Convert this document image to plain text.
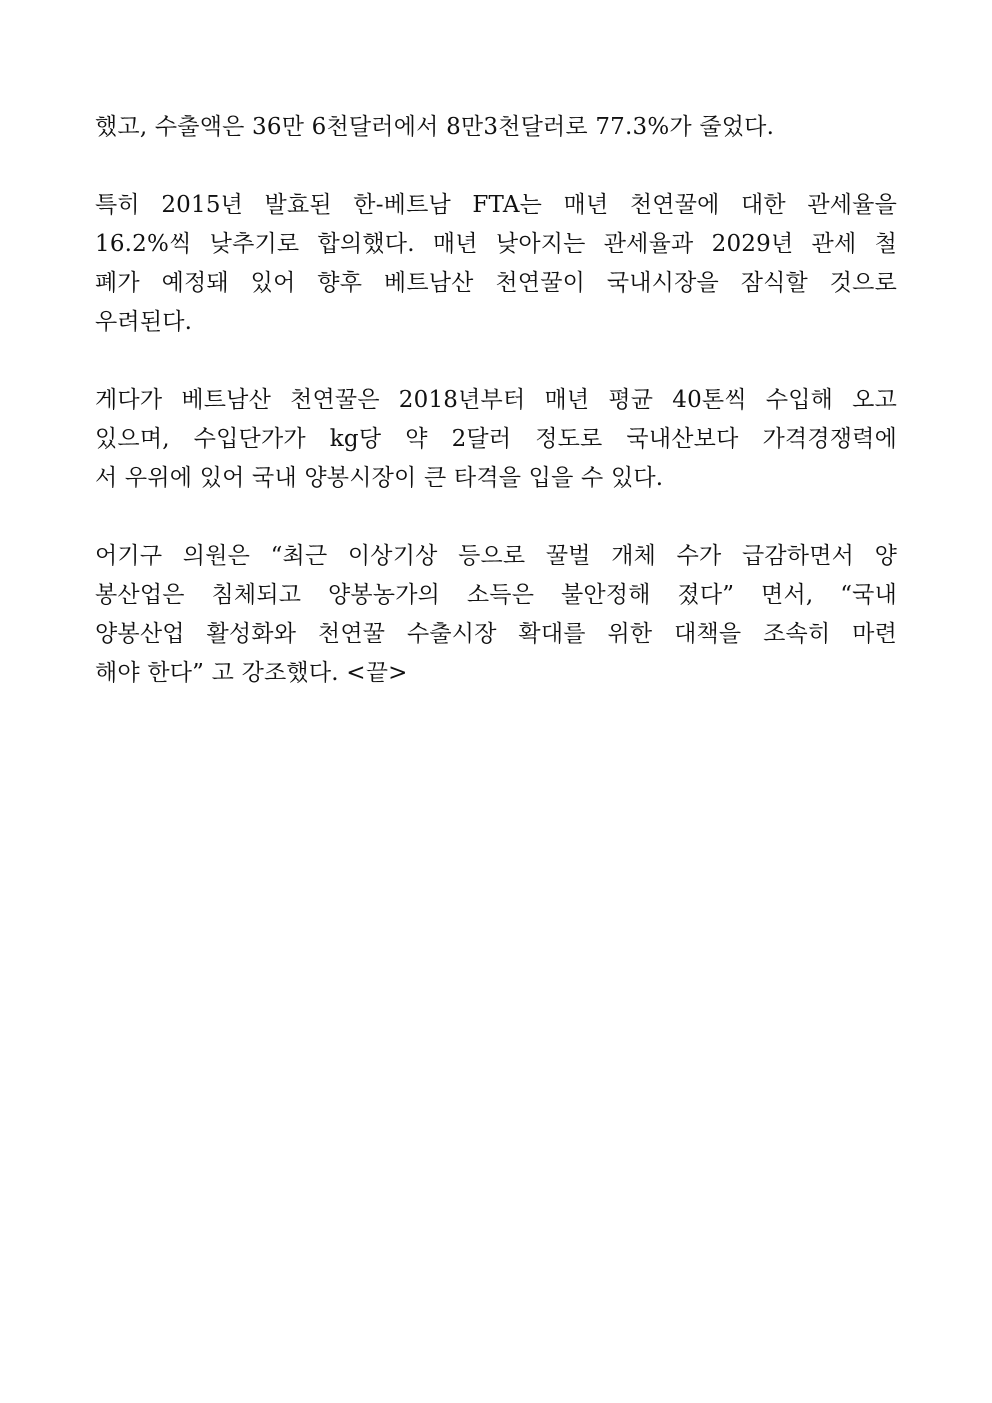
했고, 수출액은 36만 6천달러에서 8만3천달러로 77.3%가 줄었다.
특히 2015년 발효된 한-베트남 FTA는 매년 천연꿀에 대한 관세율을
16.2%씩 낮추기로 합의했다. 매년 낮아지는 관세율과 2029년 관세 철
폐가 예정돼 있어 향후 베트남산 천연꿀이 국내시장을 잠식할 것으로
우려된다.
게다가 베트남산 천연꿀은 2018년부터 매년 평균 40톤씩 수입해 오고
있으며, 수입단가가 kg당 약 2달러 정도로 국내산보다 가격경쟁력에
서 우위에 있어 국내 양봉시장이 큰 타격을 입을 수 있다.
어기구 의원은 “최근 이상기상 등으로 꿀벌 개체 수가 급감하면서 양
봉산업은 침체되고 양봉농가의 소득은 불안정해 졌다” 면서, “국내
양봉산업 활성화와 천연꿀 수출시장 확대를 위한 대책을 조속히 마련
해야 한다” 고 강조했다. <끝>
